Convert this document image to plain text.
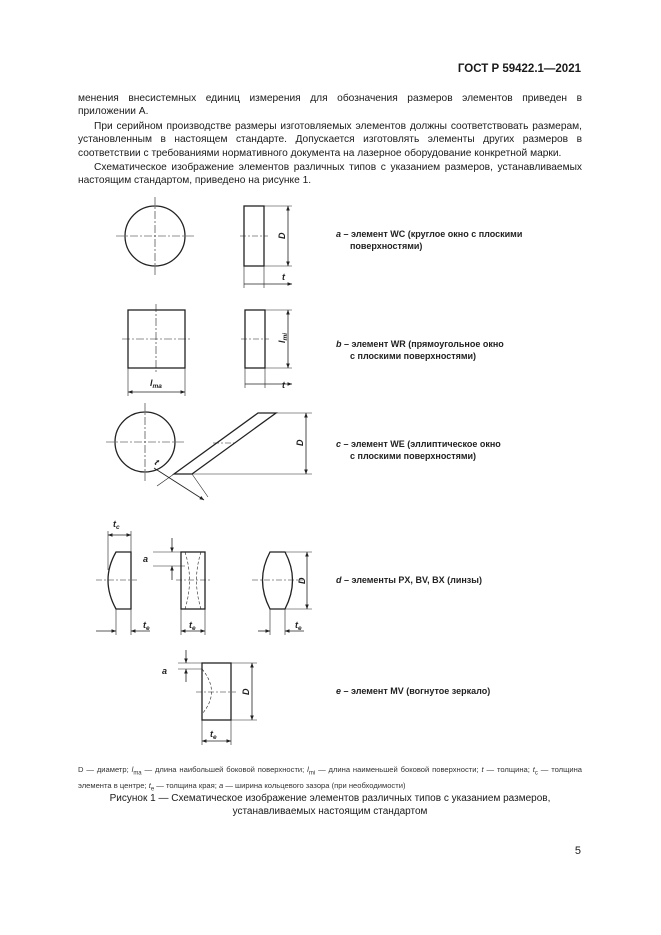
ГОСТ Р 59422.1—2021

менения внесистемных единиц измерения для обозначения размеров элементов приведен в приложении А.

При серийном производстве размеры изготовляемых элементов должны соответствовать размерам, установленным в настоящем стандарте. Допускается изготовлять элементы других размеров в соответствии с требованиями нормативного документа на лазерное оборудование конкретной марки.

Схематическое изображение элементов различных типов с указанием размеров, устанавливаемых настоящим стандартом, приведено на рисунке 1.

D
t
$l_{ma}$
$l_{mi}$
t
D
t
$t_c$
$t_e$
a
$t_e$
D
$t_e$
a
D
$t_e$
a – элемент WC (круглое окно с плоскими
поверхностями)
b – элемент WR (прямоугольное окно
с плоскими поверхностями)
c – элемент WE (эллиптическое окно
с плоскими поверхностями)
d – элементы PX, BV, BX (линзы)
e – элемент MV (вогнутое зеркало)
D — диаметр; $l_{ma}$ — длина наибольшей боковой поверхности; $l_{mi}$ — длина наименьшей боковой поверхности; t — толщина; $t_c$ — толщина элемента в центре; $t_e$ — толщина края; a — ширина кольцевого зазора (при необходимости)
Рисунок 1 — Схематическое изображение элементов различных типов с указанием размеров,
устанавливаемых настоящим стандартом
5
